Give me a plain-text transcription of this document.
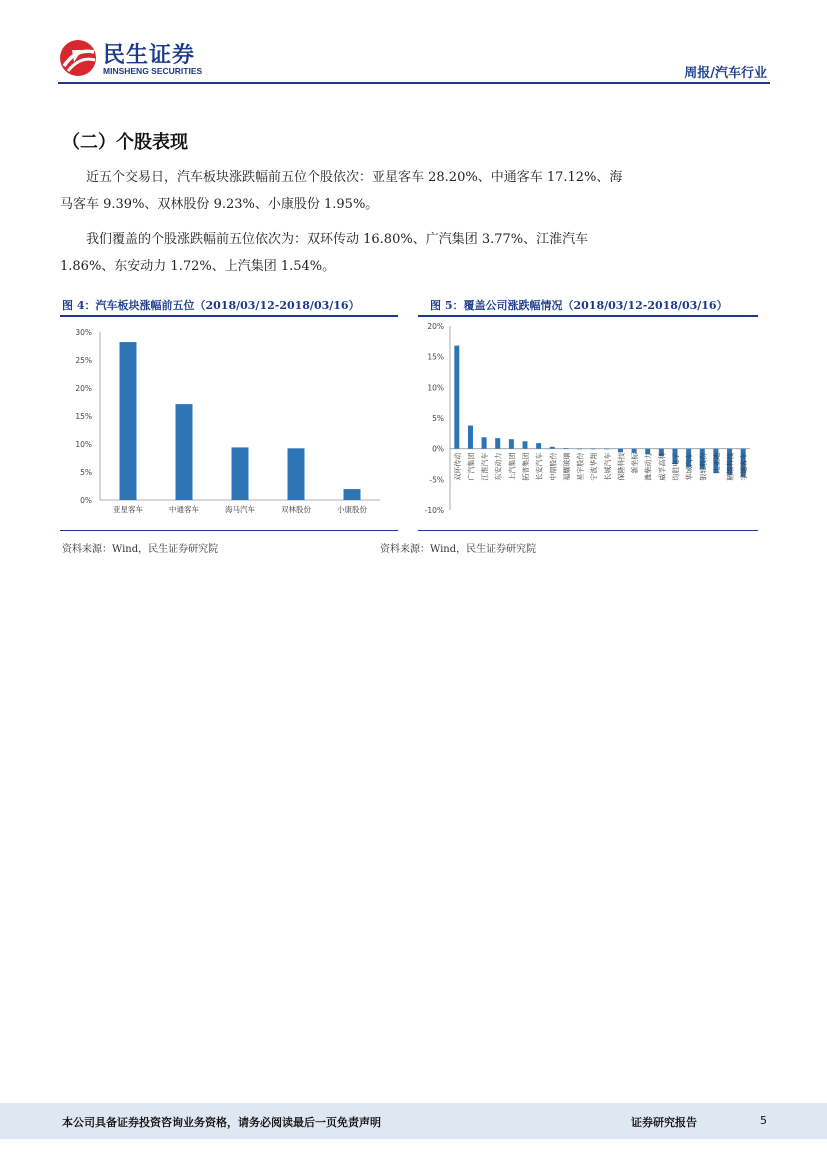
民生证券
MINSHENG SECURITIES	周报/汽车行业
（二）个股表现
近五个交易日，汽车板块涨跌幅前五位个股依次：亚星客车 28.20%、中通客车 17.12%、海马客车 9.39%、双林股份 9.23%、小康股份 1.95%。
我们覆盖的个股涨跌幅前五位依次为：双环传动 16.80%、广汽集团 3.77%、江淮汽车 1.86%、东安动力 1.72%、上汽集团 1.54%。
图 4：汽车板块涨幅前五位（2018/03/12-2018/03/16）
0%
5%
10%
15%
20%
25%
30%
亚星客车	中通客车	海马汽车	双林股份	小康股份
资料来源：Wind，民生证券研究院
图 5：覆盖公司涨跌幅情况（2018/03/12-2018/03/16）
-10%
-5%
0%
5%
10%
15%
20%
双环传动 广汽集团 江淮汽车 东安动力 上汽集团 拓普集团 长安汽车 中鼎股份 福耀玻璃 星宇股份 宁波华翔 长城汽车 保隆科技 新坐标 潍柴动力 威孚高科 均胜电子 华域汽车 银轮股份 比亚迪 精锻科技 宇通客车
资料来源：Wind，民生证券研究院
本公司具备证券投资咨询业务资格，请务必阅读最后一页免责声明	证券研究报告	5
